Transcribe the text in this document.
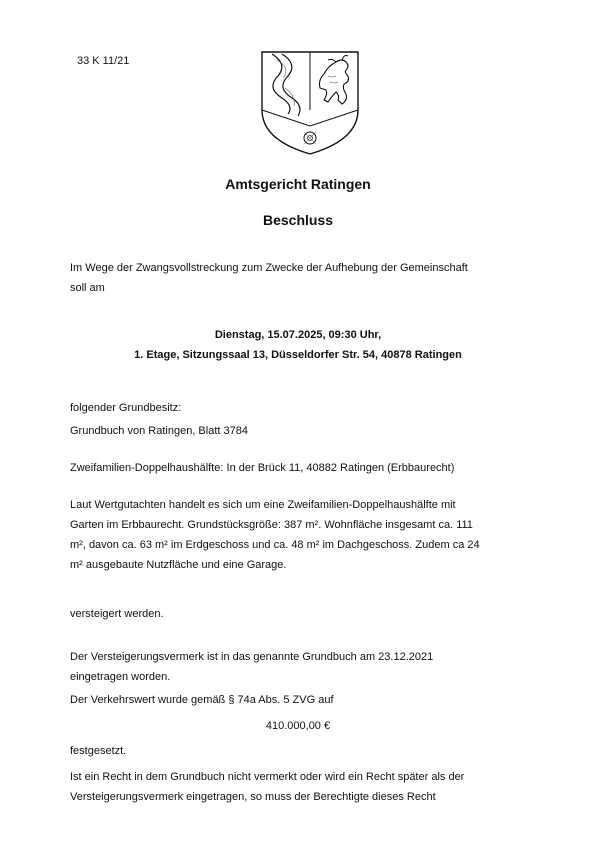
33 K 11/21
Amtsgericht Ratingen
Beschluss
Im Wege der Zwangsvollstreckung zum Zwecke der Aufhebung der Gemeinschaft
soll am
Dienstag, 15.07.2025, 09:30 Uhr,
1. Etage, Sitzungssaal 13, Düsseldorfer Str. 54, 40878 Ratingen
folgender Grundbesitz:
Grundbuch von Ratingen, Blatt 3784
Zweifamilien-Doppelhaushälfte: In der Brück 11, 40882 Ratingen (Erbbaurecht)
Laut Wertgutachten handelt es sich um eine Zweifamilien-Doppelhaushälfte mit
Garten im Erbbaurecht. Grundstücksgröße: 387 m². Wohnfläche insgesamt ca. 111
m², davon ca. 63 m² im Erdgeschoss und ca. 48 m² im Dachgeschoss. Zudem ca 24
m² ausgebaute Nutzfläche und eine Garage.
versteigert werden.
Der Versteigerungsvermerk ist in das genannte Grundbuch am 23.12.2021
eingetragen worden.
Der Verkehrswert wurde gemäß § 74a Abs. 5 ZVG auf
410.000,00 €
festgesetzt.
Ist ein Recht in dem Grundbuch nicht vermerkt oder wird ein Recht später als der
Versteigerungsvermerk eingetragen, so muss der Berechtigte dieses Recht
